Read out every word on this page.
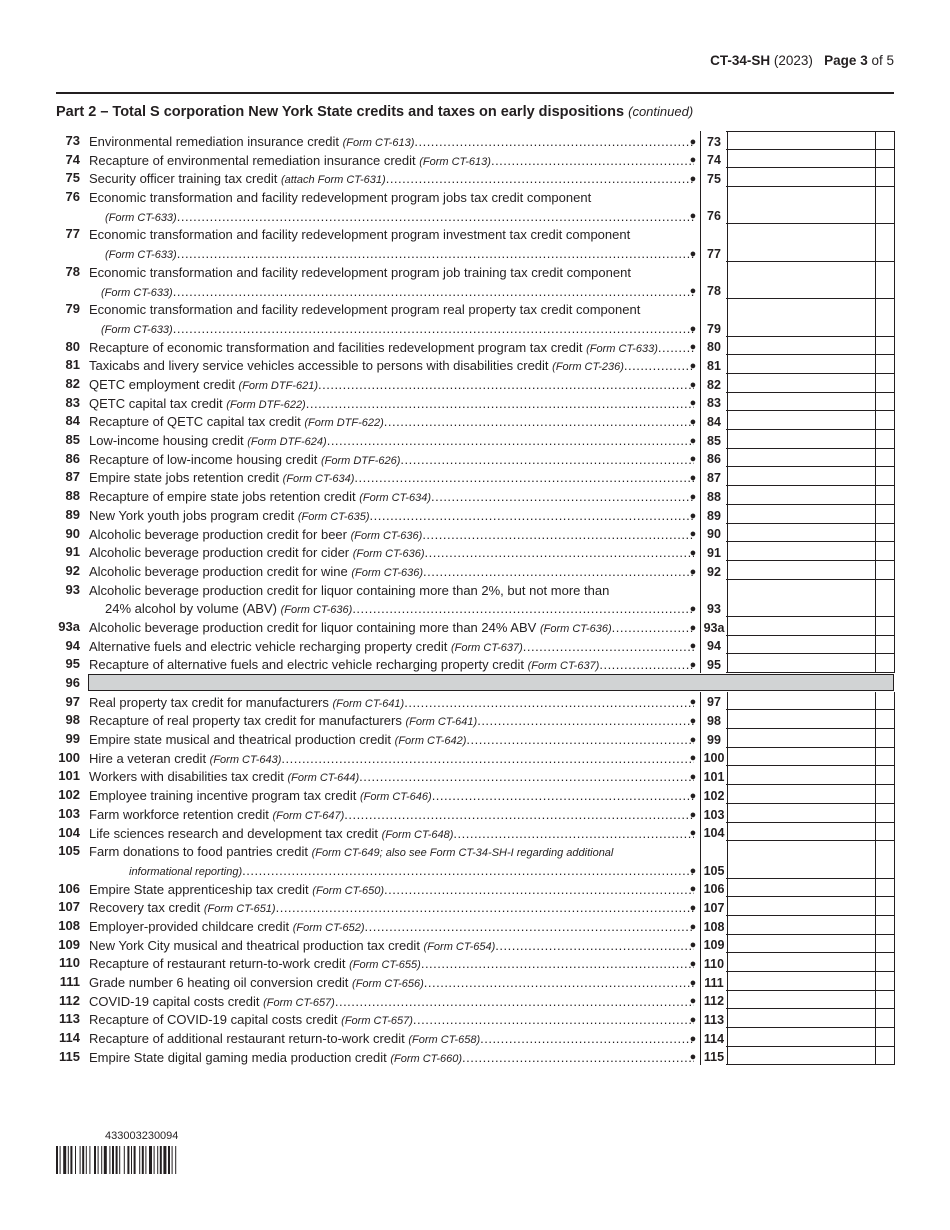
CT-34-SH (2023) Page 3 of 5
Part 2 – Total S corporation New York State credits and taxes on early dispositions (continued)
73 Environmental remediation insurance credit (Form CT-613) .....	● 73
74 Recapture of environmental remediation insurance credit (Form CT-613) .....	● 74
75 Security officer training tax credit (attach Form CT-631) .....	● 75
76 Economic transformation and facility redevelopment program jobs tax credit component
(Form CT-633) .....	● 76
77 Economic transformation and facility redevelopment program investment tax credit component
(Form CT-633) .....	● 77
78 Economic transformation and facility redevelopment program job training tax credit component
(Form CT-633) .....	● 78
79 Economic transformation and facility redevelopment program real property tax credit component
(Form CT-633) .....	● 79
80 Recapture of economic transformation and facilities redevelopment program tax credit (Form CT-633) .....	● 80
81 Taxicabs and livery service vehicles accessible to persons with disabilities credit (Form CT-236) .....	● 81
82 QETC employment credit (Form DTF-621) .....	● 82
83 QETC capital tax credit (Form DTF-622) .....	● 83
84 Recapture of QETC capital tax credit (Form DTF-622) .....	● 84
85 Low-income housing credit (Form DTF-624) .....	● 85
86 Recapture of low-income housing credit (Form DTF-626) .....	● 86
87 Empire state jobs retention credit (Form CT-634) .....	● 87
88 Recapture of empire state jobs retention credit (Form CT-634) .....	● 88
89 New York youth jobs program credit (Form CT-635) .....	● 89
90 Alcoholic beverage production credit for beer (Form CT-636) .....	● 90
91 Alcoholic beverage production credit for cider (Form CT-636) .....	● 91
92 Alcoholic beverage production credit for wine (Form CT-636) .....	● 92
93 Alcoholic beverage production credit for liquor containing more than 2%, but not more than
24% alcohol by volume (ABV) (Form CT-636) .....	● 93
93a Alcoholic beverage production credit for liquor containing more than 24% ABV (Form CT-636) .....	● 93a
94 Alternative fuels and electric vehicle recharging property credit (Form CT-637) .....	● 94
95 Recapture of alternative fuels and electric vehicle recharging property credit (Form CT-637) .....	● 95
96
97 Real property tax credit for manufacturers (Form CT-641) .....	● 97
98 Recapture of real property tax credit for manufacturers (Form CT-641) .....	● 98
99 Empire state musical and theatrical production credit (Form CT-642) .....	● 99
100 Hire a veteran credit (Form CT-643) .....	● 100
101 Workers with disabilities tax credit (Form CT-644) .....	● 101
102 Employee training incentive program tax credit (Form CT-646) .....	● 102
103 Farm workforce retention credit (Form CT-647) .....	● 103
104 Life sciences research and development tax credit (Form CT-648) .....	● 104
105 Farm donations to food pantries credit (Form CT-649; also see Form CT-34-SH-I regarding additional
informational reporting) .....	● 105
106 Empire State apprenticeship tax credit (Form CT-650) .....	● 106
107 Recovery tax credit (Form CT-651) .....	● 107
108 Employer-provided childcare credit (Form CT-652) .....	● 108
109 New York City musical and theatrical production tax credit (Form CT-654) .....	● 109
110 Recapture of restaurant return-to-work credit (Form CT-655) .....	● 110
111 Grade number 6 heating oil conversion credit (Form CT-656) .....	● 111
112 COVID-19 capital costs credit (Form CT-657) .....	● 112
113 Recapture of COVID-19 capital costs credit (Form CT-657) .....	● 113
114 Recapture of additional restaurant return-to-work credit (Form CT-658) .....	● 114
115 Empire State digital gaming media production credit (Form CT-660) .....	● 115
433003230094
